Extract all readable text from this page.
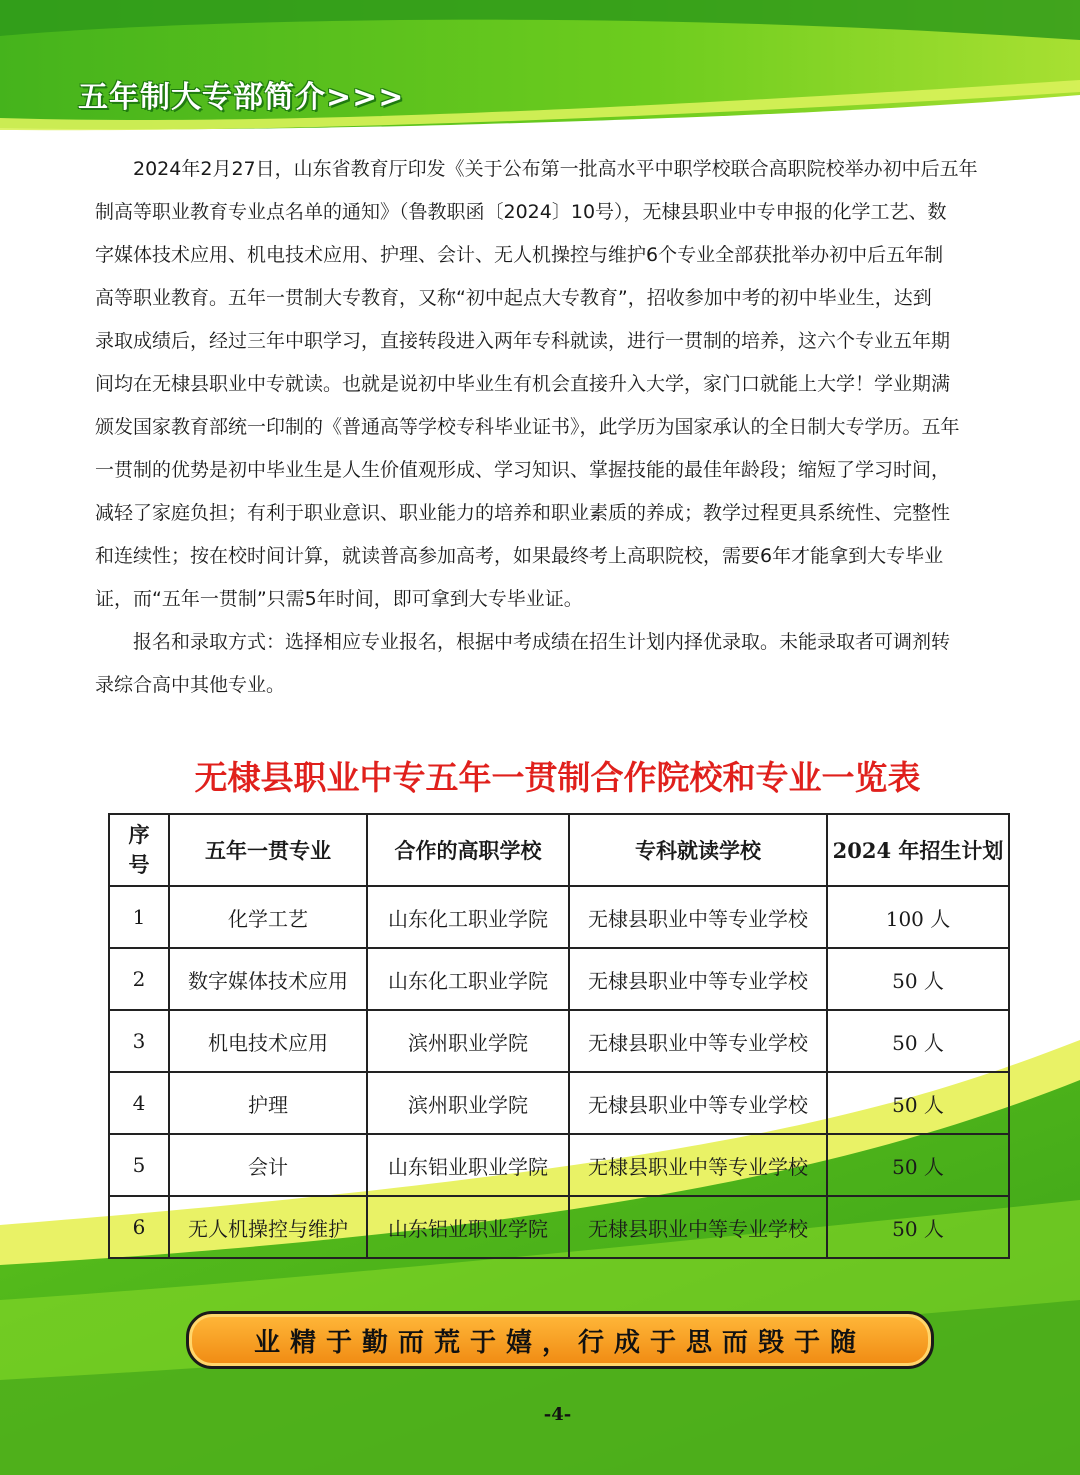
五年制大专部简介>>>
　　2024年2月27日，山东省教育厅印发《关于公布第一批高水平中职学校联合高职院校举办初中后五年
制高等职业教育专业点名单的通知》（鲁教职函〔2024〕10号），无棣县职业中专申报的化学工艺、数
字媒体技术应用、机电技术应用、护理、会计、无人机操控与维护6个专业全部获批举办初中后五年制
高等职业教育。五年一贯制大专教育，又称“初中起点大专教育”，招收参加中考的初中毕业生，达到
录取成绩后，经过三年中职学习，直接转段进入两年专科就读，进行一贯制的培养，这六个专业五年期
间均在无棣县职业中专就读。也就是说初中毕业生有机会直接升入大学，家门口就能上大学！学业期满
颁发国家教育部统一印制的《普通高等学校专科毕业证书》，此学历为国家承认的全日制大专学历。五年
一贯制的优势是初中毕业生是人生价值观形成、学习知识、掌握技能的最佳年龄段；缩短了学习时间，
减轻了家庭负担；有利于职业意识、职业能力的培养和职业素质的养成；教学过程更具系统性、完整性
和连续性；按在校时间计算，就读普高参加高考，如果最终考上高职院校，需要6年才能拿到大专毕业
证，而“五年一贯制”只需5年时间，即可拿到大专毕业证。
　　报名和录取方式：选择相应专业报名，根据中考成绩在招生计划内择优录取。未能录取者可调剂转
录综合高中其他专业。
无棣县职业中专五年一贯制合作院校和专业一览表
序号	五年一贯专业	合作的高职学校	专科就读学校	2024 年招生计划
1	化学工艺	山东化工职业学院	无棣县职业中等专业学校	100 人
2	数字媒体技术应用	山东化工职业学院	无棣县职业中等专业学校	50 人
3	机电技术应用	滨州职业学院	无棣县职业中等专业学校	50 人
4	护理	滨州职业学院	无棣县职业中等专业学校	50 人
5	会计	山东铝业职业学院	无棣县职业中等专业学校	50 人
6	无人机操控与维护	山东铝业职业学院	无棣县职业中等专业学校	50 人
业精于勤而荒于嬉，行成于思而毁于随
-4-
